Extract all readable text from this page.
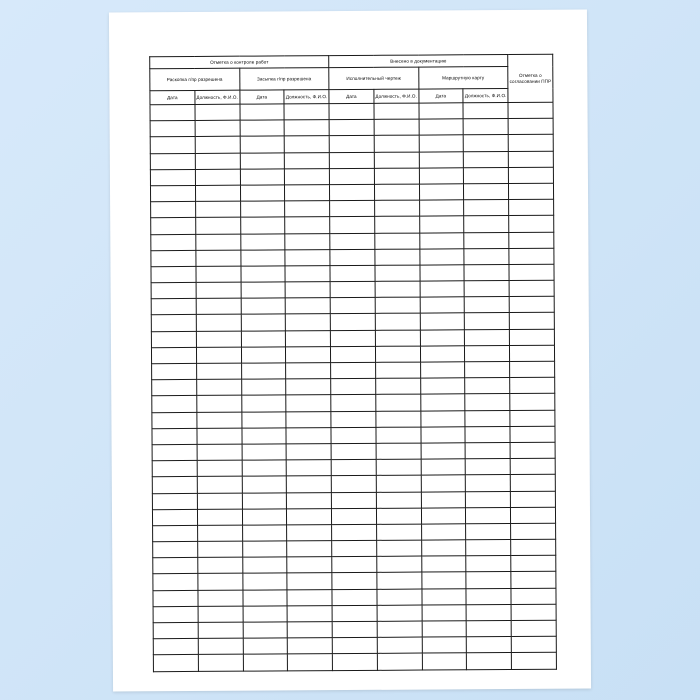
Отметка о контроле работ				Внесено в документацию				Отметка о согласовании ППР
Раскопка г/пр разрешена		Засыпка г/пр разрешена		Исполнительный чертеж		Маршрутную карту		
Дата	Должность, Ф.И.О.	Дата	Должность, Ф.И.О.	Дата	Должность, Ф.И.О.	Дата	Должность, Ф.И.О.	
